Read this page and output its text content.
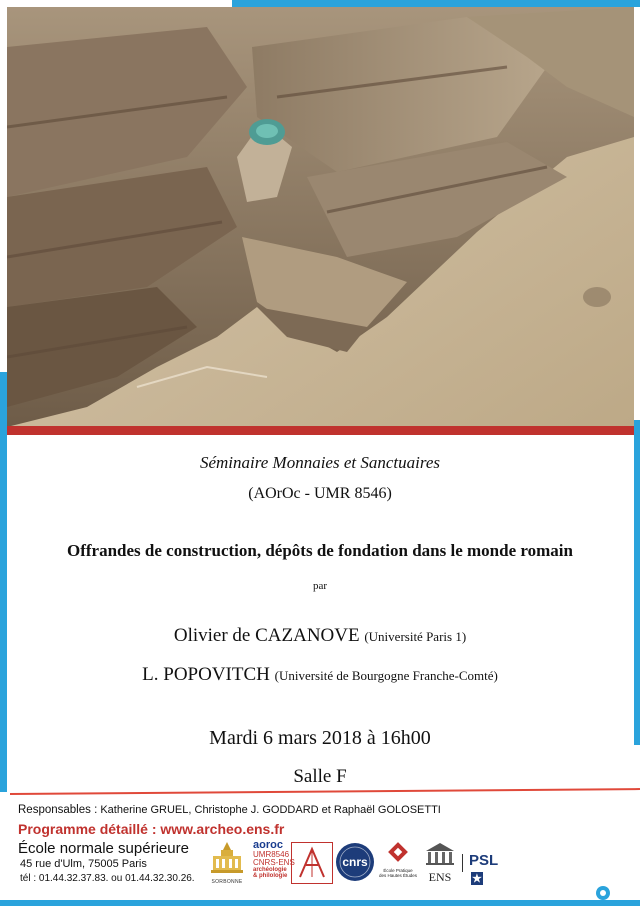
Séminaire Monnaies et Sanctuaires
(AOrOc - UMR 8546)
Offrandes de construction, dépôts de fondation dans le monde romain
par
Olivier de CAZANOVE (Université Paris 1)
L. POPOVITCH (Université de Bourgogne Franche-Comté)
Mardi 6 mars 2018 à 16h00
Salle F
Responsables : Katherine GRUEL, Christophe J. GODDARD et Raphaël GOLOSETTI
Programme détaillé : www.archeo.ens.fr
École normale supérieure
45 rue d'Ulm, 75005 Paris
tél : 01.44.32.37.83. ou 01.44.32.30.26.	SORBONNE
aoroc
UMR8546
CNRS-ENS
archéologie
& philologie
cnrs
École Pratique
des Hautes Études ENS
PSL★
